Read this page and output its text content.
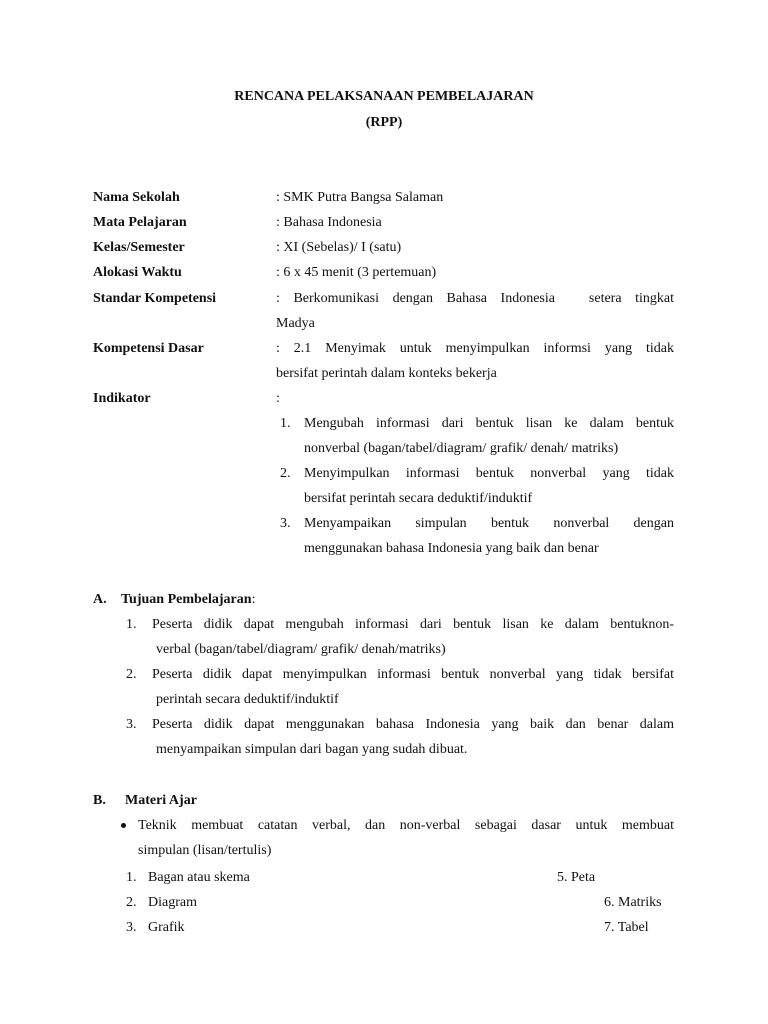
RENCANA PELAKSANAAN PEMBELAJARAN
(RPP)
Nama Sekolah	: SMK Putra Bangsa Salaman
Mata Pelajaran	: Bahasa Indonesia
Kelas/Semester	: XI (Sebelas)/ I (satu)
Alokasi Waktu	: 6 x 45 menit (3 pertemuan)
Standar Kompetensi	:  Berkomunikasi  dengan  Bahasa  Indonesia     setera  tingkat
Madya
Kompetensi Dasar	:  2.1  Menyimak  untuk  menyimpulkan  informsi  yang  tidak
bersifat perintah dalam konteks bekerja
Indikator	:
1. Mengubah  informasi  dari  bentuk  lisan  ke  dalam  bentuk
nonverbal (bagan/tabel/diagram/ grafik/ denah/ matriks)
2. Menyimpulkan  informasi  bentuk  nonverbal  yang  tidak
bersifat perintah secara deduktif/induktif
3. Menyampaikan     simpulan     bentuk     nonverbal     dengan
menggunakan bahasa Indonesia yang baik dan benar
A. Tujuan Pembelajaran:
1. Peserta  didik  dapat  mengubah  informasi  dari  bentuk  lisan  ke  dalam  bentuknon-
verbal (bagan/tabel/diagram/ grafik/ denah/matriks)
2. Peserta didik dapat menyimpulkan informasi bentuk nonverbal yang tidak bersifat
perintah secara deduktif/induktif
3. Peserta  didik  dapat  menggunakan  bahasa  Indonesia  yang  baik  dan  benar  dalam
menyampaikan simpulan dari bagan yang sudah dibuat.
B. Materi Ajar
Teknik  membuat  catatan  verbal,  dan  non-verbal  sebagai  dasar  untuk  membuat
simpulan (lisan/tertulis)
1. Bagan atau skema	5. Peta
2. Diagram	6. Matriks
3. Grafik	7. Tabel
